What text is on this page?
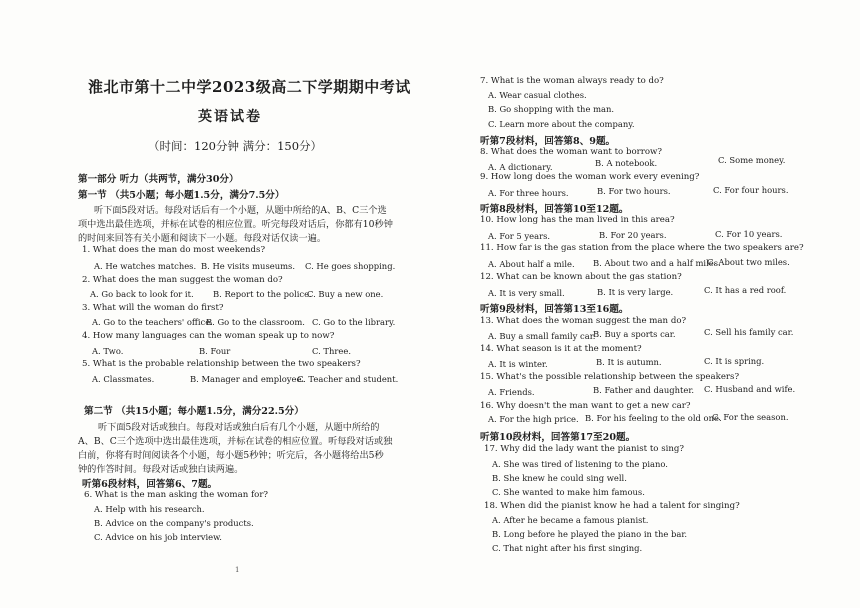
淮北市第十二中学2023级高二下学期期中考试
英语试卷
（时间：120分钟 满分：150分）
第一部分 听力（共两节，满分30分）
第一节 （共5小题；每小题1.5分，满分7.5分）
听下面5段对话。每段对话后有一个小题，从题中所给的A、B、C三个选
项中选出最佳选项，并标在试卷的相应位置。听完每段对话后，你都有10秒钟
的时间来回答有关小题和阅读下一小题。每段对话仅读一遍。
1. What does the man do most weekends?
A. He watches matches. B. He visits museums. C. He goes shopping.
2. What does the man suggest the woman do?
A. Go back to look for it. B. Report to the police.
C. Buy a new one.
3. What will the woman do first?
A. Go to the teachers' office.
B. Go to the classroom. C. Go to the library.
4. How many languages can the woman speak up to now?
A. Two.	B. Four	C. Three.
5. What is the probable relationship between the two speakers?
A. Classmates.	B. Manager and employee.
C. Teacher and student.
第二节 （共15小题；每小题1.5分，满分22.5分）
听下面5段对话或独白。每段对话或独白后有几个小题，从题中所给的
A、B、C三个选项中选出最佳选项，并标在试卷的相应位置。听每段对话或独
白前，你将有时间阅读各个小题，每小题5秒钟；听完后，各小题将给出5秒
钟的作答时间。每段对话或独白读两遍。
听第6段材料，回答第6、7题。
6. What is the man asking the woman for?
A. Help with his research.
B. Advice on the company's products.
C. Advice on his job interview.
7. What is the woman always ready to do?
A. Wear casual clothes.
B. Go shopping with the man.
C. Learn more about the company.
听第7段材料，回答第8、9题。
8. What does the woman want to borrow?
A. A dictionary.	B. A notebook.	C. Some money.
9. How long does the woman work every evening?
A. For three hours.	B. For two hours.	C. For four hours.
听第8段材料，回答第10至12题。
10. How long has the man lived in this area?
A. For 5 years.	B. For 20 years.	C. For 10 years.
11. How far is the gas station from the place where the two speakers are?
A. About half a mile. B. About two and a half miles.
C. About two miles.
12. What can be known about the gas station?
A. It is very small.	B. It is very large.	C. It has a red roof.
听第9段材料，回答第13至16题。
13. What does the woman suggest the man do?
A. Buy a small family car.
B. Buy a sports car.	C. Sell his family car.
14. What season is it at the moment?
A. It is winter.	B. It is autumn.	C. It is spring.
15. What's the possible relationship between the speakers?
A. Friends.	B. Father and daughter. C. Husband and wife.
16. Why doesn't the man want to get a new car?
A. For the high price. B. For his feeling to the old one.
C. For the season.
听第10段材料，回答第17至20题。
17. Why did the lady want the pianist to sing?
A. She was tired of listening to the piano.
B. She knew he could sing well.
C. She wanted to make him famous.
18. When did the pianist know he had a talent for singing?
A. After he became a famous pianist.
B. Long before he played the piano in the bar.
C. That night after his first singing.
1
